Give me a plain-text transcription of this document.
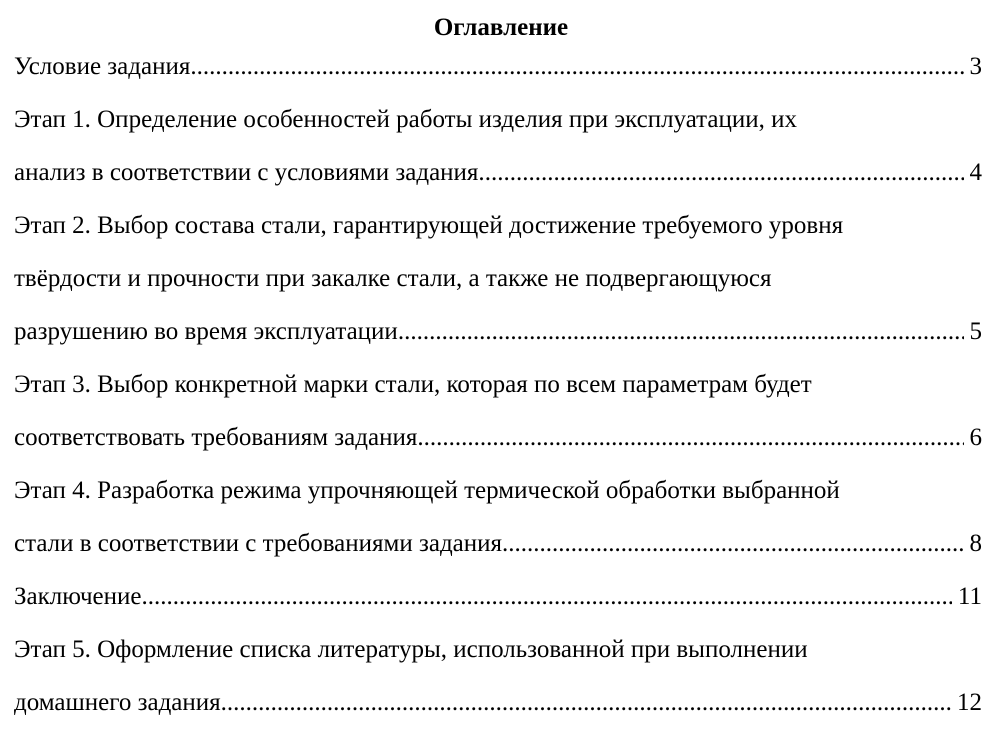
Оглавление
Условие задания .....	3
Этап 1. Определение особенностей работы изделия при эксплуатации, их
анализ в соответствии с условиями задания. .....	4
Этап 2. Выбор состава стали, гарантирующей достижение требуемого уровня
твёрдости и прочности при закалке стали, а также не подвергающуюся
разрушению во время эксплуатации .....	5
Этап 3. Выбор конкретной марки стали, которая по всем параметрам будет
соответствовать требованиям задания .....	6
Этап 4. Разработка режима упрочняющей термической обработки выбранной
стали в соответствии с требованиями задания. .....	8
Заключение. .....	11
Этап 5. Оформление списка литературы, использованной при выполнении
домашнего задания. .....	12
